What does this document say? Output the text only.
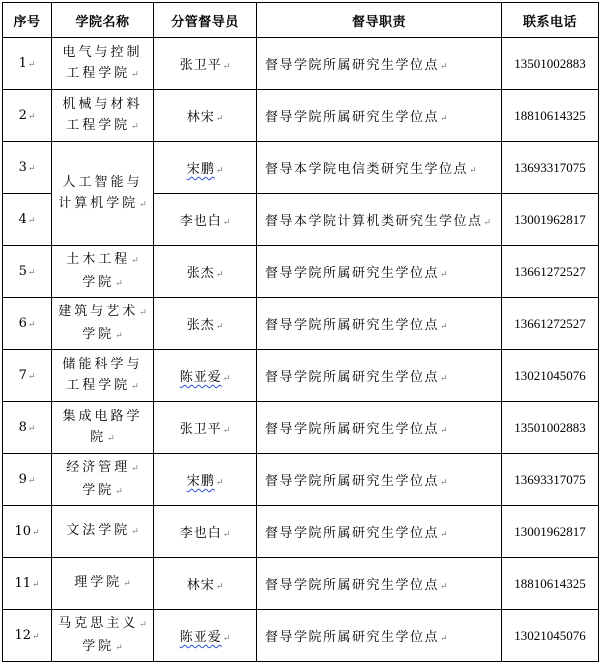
序号	学院名称	分管督导员	督导职责	联系电话
1↵	电气与控制
工程学院↵	张卫平↵	督导学院所属研究生学位点↵	13501002883
2↵	机械与材料
工程学院↵	林宋↵	督导学院所属研究生学位点↵	18810614325
3↵	人工智能与
计算机学院↵	宋鹏↵	督导本学院电信类研究生学位点↵	13693317075
4↵		李也白↵	督导本学院计算机类研究生学位点↵	13001962817
5↵	土木工程↵
学院↵	张杰↵	督导学院所属研究生学位点↵	13661272527
6↵	建筑与艺术↵
学院↵	张杰↵	督导学院所属研究生学位点↵	13661272527
7↵	储能科学与
工程学院↵	陈亚爱↵	督导学院所属研究生学位点↵	13021045076
8↵	集成电路学
院↵	张卫平↵	督导学院所属研究生学位点↵	13501002883
9↵	经济管理↵
学院↵	宋鹏↵	督导学院所属研究生学位点↵	13693317075
10↵	文法学院↵	李也白↵	督导学院所属研究生学位点↵	13001962817
11↵	理学院↵	林宋↵	督导学院所属研究生学位点↵	18810614325
12↵	马克思主义↵
学院↵	陈亚爱↵	督导学院所属研究生学位点↵	13021045076
